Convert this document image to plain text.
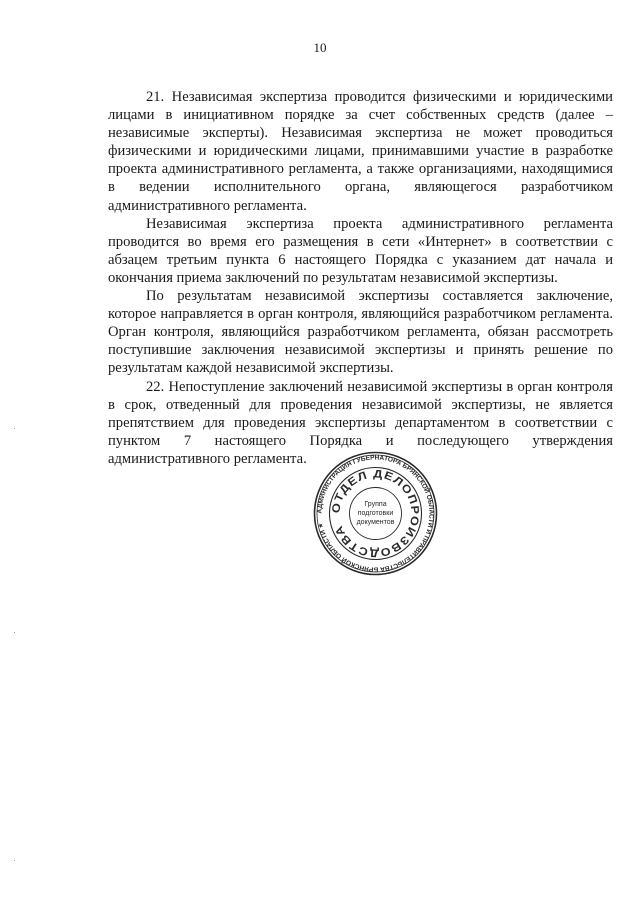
10

21. Независимая экспертиза проводится физическими и юридическими лицами в инициативном порядке за счет собственных средств (далее – независимые эксперты). Независимая экспертиза не может проводиться физическими и юридическими лицами, принимавшими участие в разработке проекта административного регламента, а также организациями, находящимися в ведении исполнительного органа, являющегося разработчиком административного регламента.

Независимая экспертиза проекта административного регламента проводится во время его размещения в сети «Интернет» в соответствии с абзацем третьим пункта 6 настоящего Порядка с указанием дат начала и окончания приема заключений по результатам независимой экспертизы.

По результатам независимой экспертизы составляется заключение, которое направляется в орган контроля, являющийся разработчиком регламента. Орган контроля, являющийся разработчиком регламента, обязан рассмотреть поступившие заключения независимой экспертизы и принять решение по результатам каждой независимой экспертизы.

22. Непоступление заключений независимой экспертизы в орган контроля в срок, отведенный для проведения независимой экспертизы, не является препятствием для проведения экспертизы департаментом в соответствии с пунктом 7 настоящего Порядка и последующего утверждения административного регламента.

АДМИНИСТРАЦИЯ ГУБЕРНАТОРА БРЯНСКОЙ ОБЛАСТИ И ПРАВИТЕЛЬСТВА БРЯНСКОЙ ОБЛАСТИ ★
ОТДЕЛ ДЕЛОПРОИЗВОДСТВА
Группа
подготовки
документов
